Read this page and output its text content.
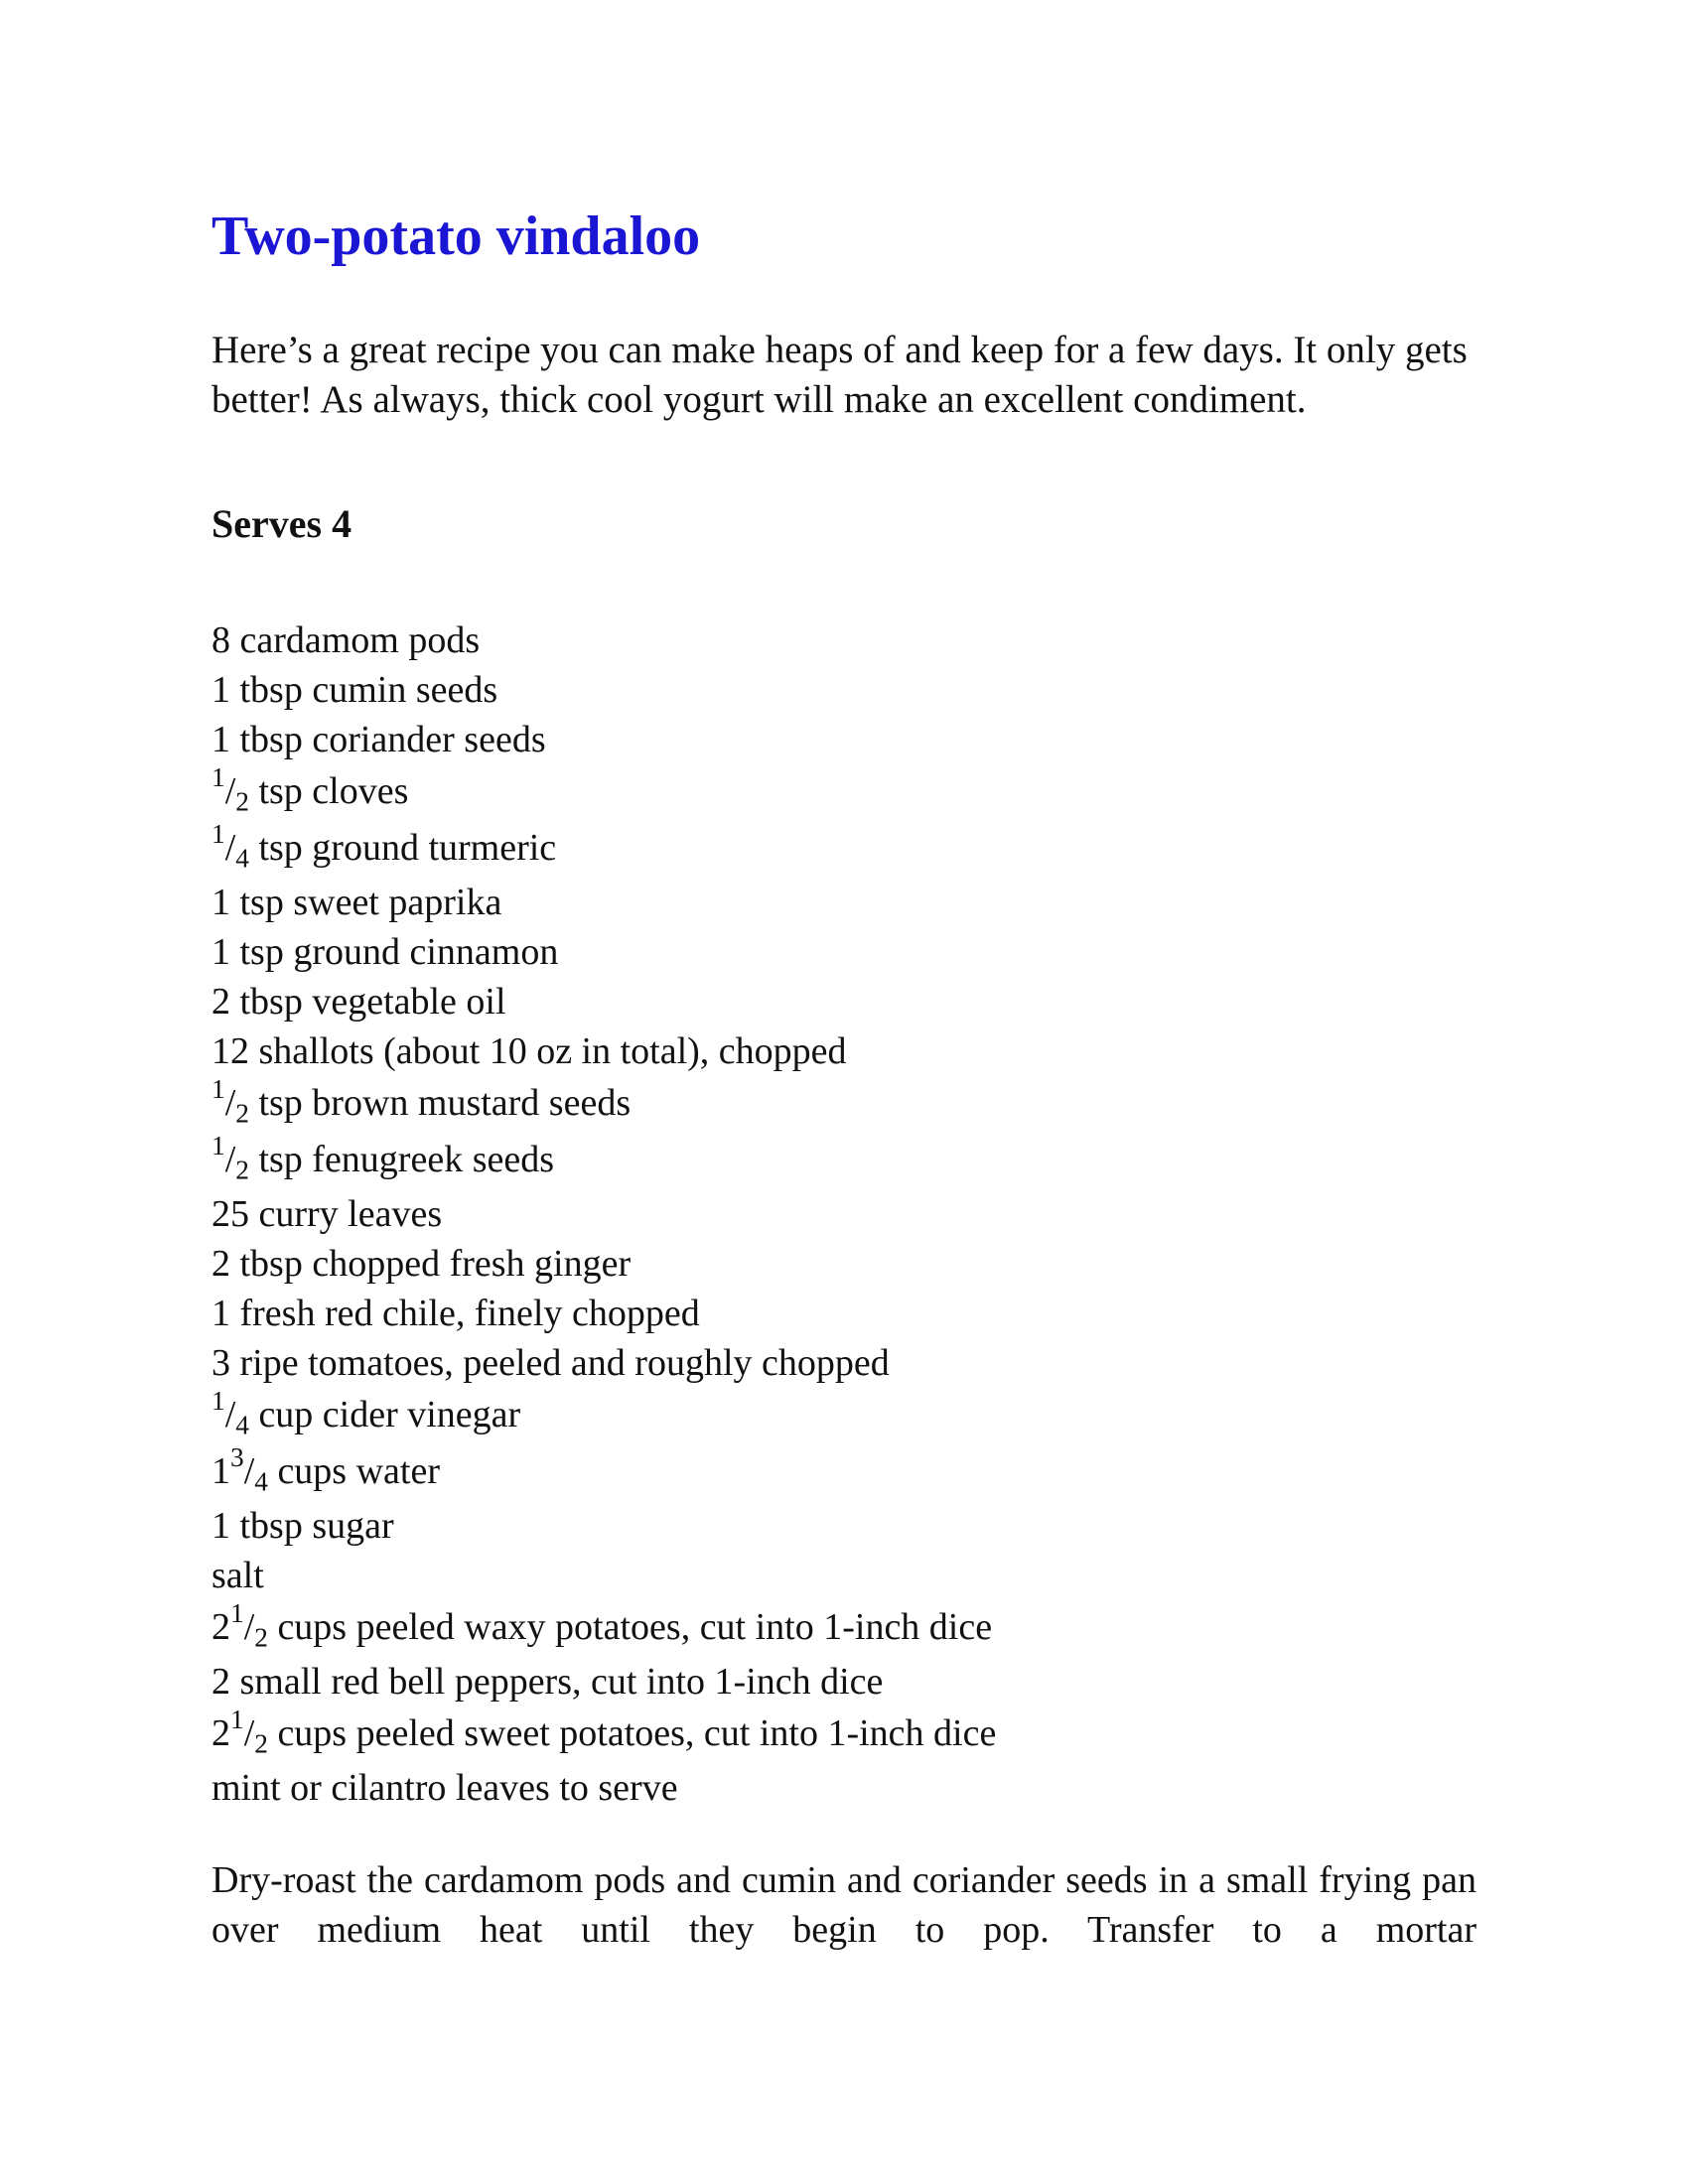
Two-potato vindaloo

Here’s a great recipe you can make heaps of and keep for a few days. It only gets better! As always, thick cool yogurt will make an excellent condiment.

Serves 4
8 cardamom pods
1 tbsp cumin seeds
1 tbsp coriander seeds
$^1/_2$ tsp cloves
$^1/_4$ tsp ground turmeric
1 tsp sweet paprika
1 tsp ground cinnamon
2 tbsp vegetable oil
12 shallots (about 10 oz in total), chopped
$^1/_2$ tsp brown mustard seeds
$^1/_2$ tsp fenugreek seeds
25 curry leaves
2 tbsp chopped fresh ginger
1 fresh red chile, finely chopped
3 ripe tomatoes, peeled and roughly chopped
$^1/_4$ cup cider vinegar
$1^3/_4$ cups water
1 tbsp sugar
salt
$2^1/_2$ cups peeled waxy potatoes, cut into 1-inch dice
2 small red bell peppers, cut into 1-inch dice
$2^1/_2$ cups peeled sweet potatoes, cut into 1-inch dice
mint or cilantro leaves to serve

Dry-roast the cardamom pods and cumin and coriander seeds in a small frying pan over medium heat until they begin to pop. Transfer to a mortar
